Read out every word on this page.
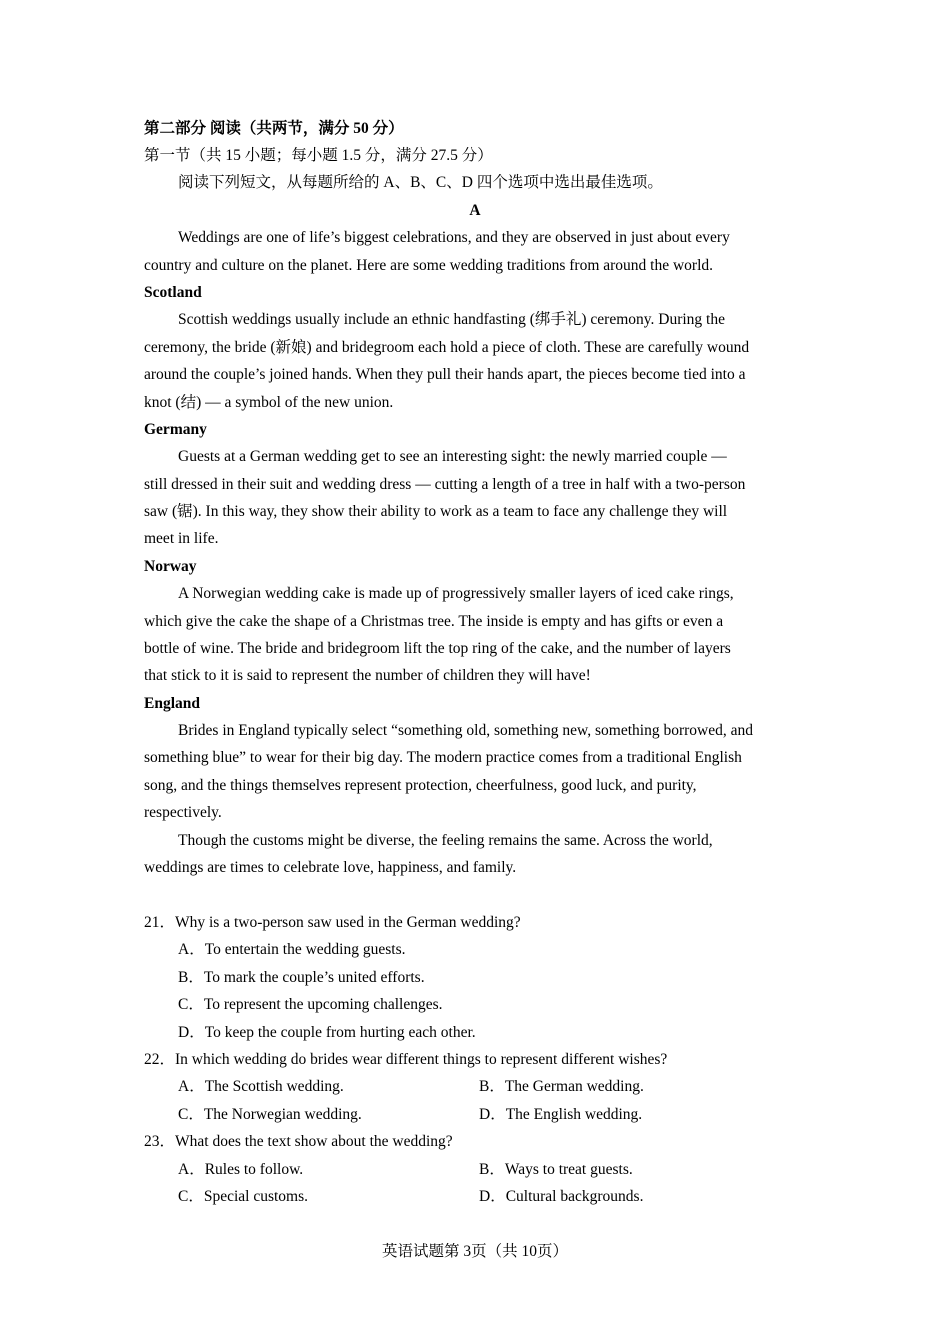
第二部分 阅读（共两节，满分 50 分）
第一节（共 15 小题；每小题 1.5 分，满分 27.5 分）
阅读下列短文，从每题所给的 A、B、C、D 四个选项中选出最佳选项。
A
Weddings are one of life’s biggest celebrations, and they are observed in just about every
country and culture on the planet. Here are some wedding traditions from around the world.
Scotland
Scottish weddings usually include an ethnic handfasting (绑手礼) ceremony. During the
ceremony, the bride (新娘) and bridegroom each hold a piece of cloth. These are carefully wound
around the couple’s joined hands. When they pull their hands apart, the pieces become tied into a
knot (结) — a symbol of the new union.
Germany
Guests at a German wedding get to see an interesting sight: the newly married couple —
still dressed in their suit and wedding dress — cutting a length of a tree in half with a two-person
saw (锯). In this way, they show their ability to work as a team to face any challenge they will
meet in life.
Norway
A Norwegian wedding cake is made up of progressively smaller layers of iced cake rings,
which give the cake the shape of a Christmas tree. The inside is empty and has gifts or even a
bottle of wine. The bride and bridegroom lift the top ring of the cake, and the number of layers
that stick to it is said to represent the number of children they will have!
England
Brides in England typically select “something old, something new, something borrowed, and
something blue” to wear for their big day. The modern practice comes from a traditional English
song, and the things themselves represent protection, cheerfulness, good luck, and purity,
respectively.
Though the customs might be diverse, the feeling remains the same. Across the world,
weddings are times to celebrate love, happiness, and family.
21．Why is a two-person saw used in the German wedding?
A．To entertain the wedding guests.
B．To mark the couple’s united efforts.
C．To represent the upcoming challenges.
D．To keep the couple from hurting each other.
22．In which wedding do brides wear different things to represent different wishes?
A．The Scottish wedding.	B．The German wedding.
C．The Norwegian wedding.	D．The English wedding.
23．What does the text show about the wedding?
A．Rules to follow.	B．Ways to treat guests.
C．Special customs.	D．Cultural backgrounds.
英语试题第 3页（共 10页）
